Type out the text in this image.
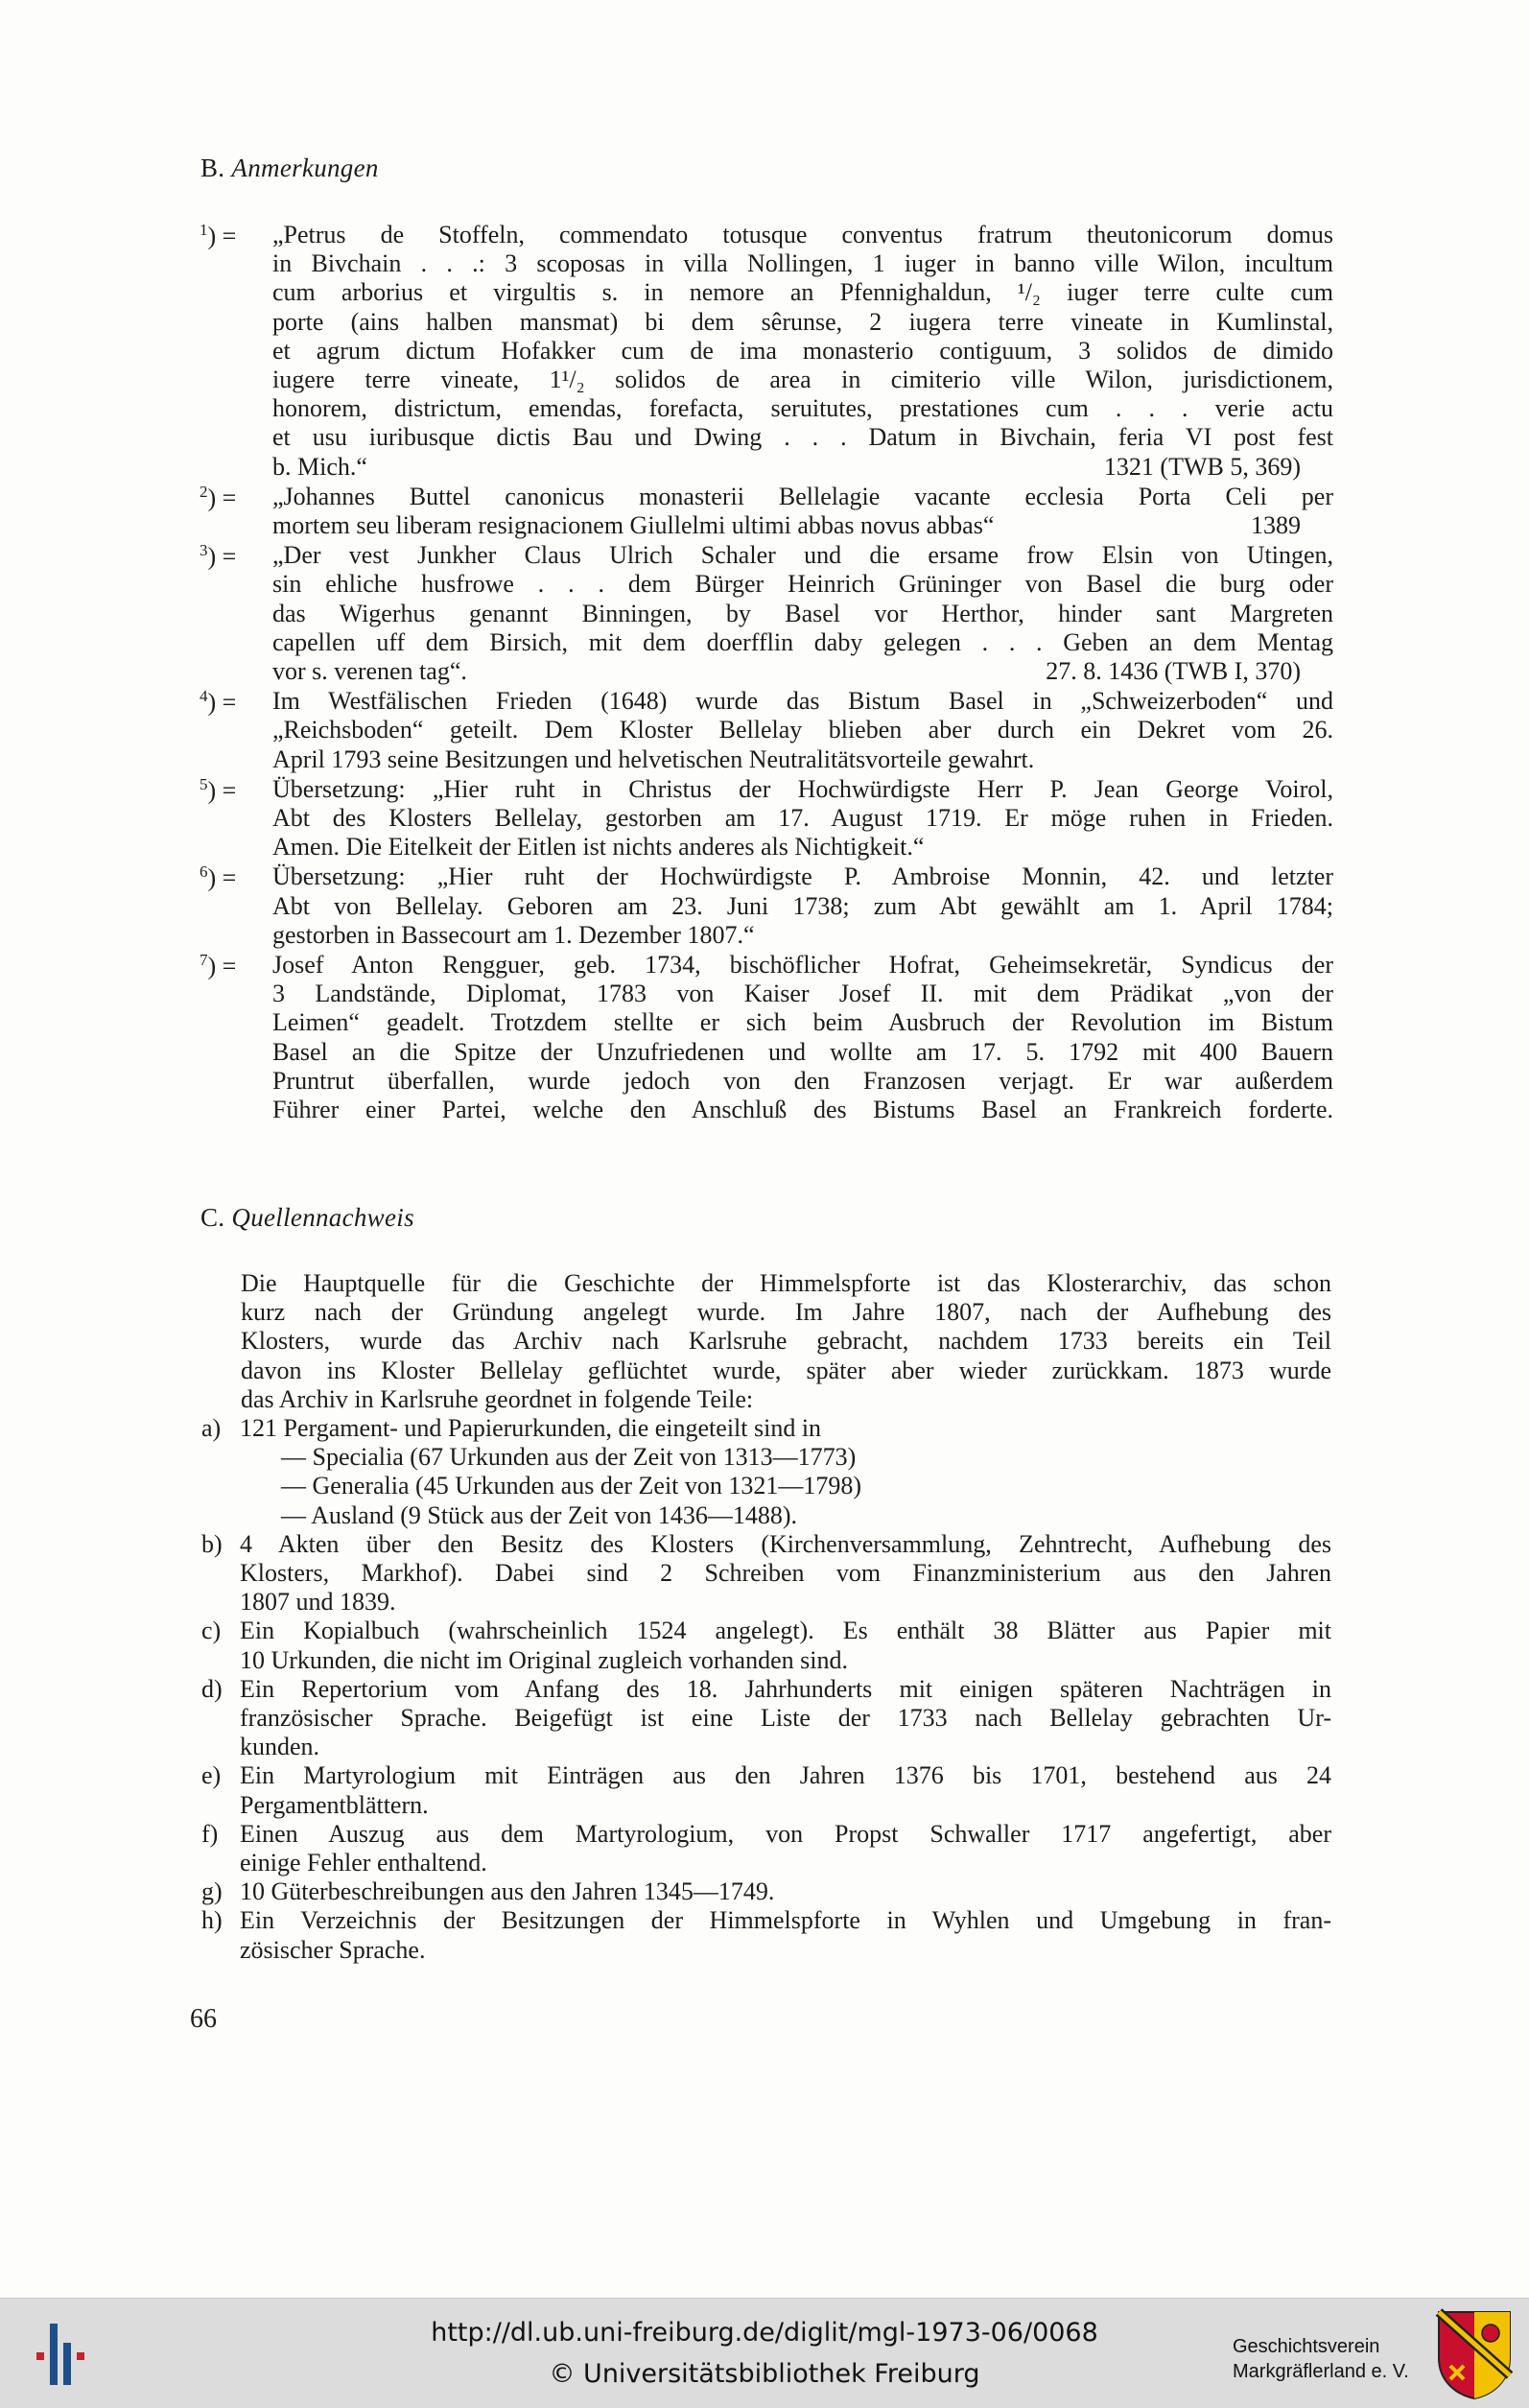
B. Anmerkungen
$^1$) = „Petrus de Stoffeln, commendato totusque conventus fratrum theutonicorum domus
in Bivchain . . .: 3 scoposas in villa Nollingen, 1 iuger in banno ville Wilon, incultum
cum arborius et virgultis s. in nemore an Pfennighaldun, ¹/₂ iuger terre culte cum
porte (ains halben mansmat) bi dem sêrunse, 2 iugera terre vineate in Kumlinstal,
et agrum dictum Hofakker cum de ima monasterio contiguum, 3 solidos de dimido
iugere terre vineate, 1¹/₂ solidos de area in cimiterio ville Wilon, jurisdictionem,
honorem, districtum, emendas, forefacta, seruitutes, prestationes cum . . . verie actu
et usu iuribusque dictis Bau und Dwing . . . Datum in Bivchain, feria VI post fest
b. Mich.“	1321 (TWB 5, 369)
$^2$) = „Johannes Buttel canonicus monasterii Bellelagie vacante ecclesia Porta Celi per
mortem seu liberam resignacionem Giullelmi ultimi abbas novus abbas“	1389
$^3$) = „Der vest Junkher Claus Ulrich Schaler und die ersame frow Elsin von Utingen,
sin ehliche husfrowe . . . dem Bürger Heinrich Grüninger von Basel die burg oder
das Wigerhus genannt Binningen, by Basel vor Herthor, hinder sant Margreten
capellen uff dem Birsich, mit dem doerfflin daby gelegen . . . Geben an dem Mentag
vor s. verenen tag“.	27. 8. 1436 (TWB I, 370)
$^4$) = Im Westfälischen Frieden (1648) wurde das Bistum Basel in „Schweizerboden“ und
„Reichsboden“ geteilt. Dem Kloster Bellelay blieben aber durch ein Dekret vom 26.
April 1793 seine Besitzungen und helvetischen Neutralitätsvorteile gewahrt.
$^5$) = Übersetzung: „Hier ruht in Christus der Hochwürdigste Herr P. Jean George Voirol,
Abt des Klosters Bellelay, gestorben am 17. August 1719. Er möge ruhen in Frieden.
Amen. Die Eitelkeit der Eitlen ist nichts anderes als Nichtigkeit.“
$^6$) = Übersetzung: „Hier ruht der Hochwürdigste P. Ambroise Monnin, 42. und letzter
Abt von Bellelay. Geboren am 23. Juni 1738; zum Abt gewählt am 1. April 1784;
gestorben in Bassecourt am 1. Dezember 1807.“
$^7$) = Josef Anton Rengguer, geb. 1734, bischöflicher Hofrat, Geheimsekretär, Syndicus der
3 Landstände, Diplomat, 1783 von Kaiser Josef II. mit dem Prädikat „von der
Leimen“ geadelt. Trotzdem stellte er sich beim Ausbruch der Revolution im Bistum
Basel an die Spitze der Unzufriedenen und wollte am 17. 5. 1792 mit 400 Bauern
Pruntrut überfallen, wurde jedoch von den Franzosen verjagt. Er war außerdem
Führer einer Partei, welche den Anschluß des Bistums Basel an Frankreich forderte.
C. Quellennachweis
Die Hauptquelle für die Geschichte der Himmelspforte ist das Klosterarchiv, das schon
kurz nach der Gründung angelegt wurde. Im Jahre 1807, nach der Aufhebung des
Klosters, wurde das Archiv nach Karlsruhe gebracht, nachdem 1733 bereits ein Teil
davon ins Kloster Bellelay geflüchtet wurde, später aber wieder zurückkam. 1873 wurde
das Archiv in Karlsruhe geordnet in folgende Teile:
a) 121 Pergament- und Papierurkunden, die eingeteilt sind in
— Specialia (67 Urkunden aus der Zeit von 1313—1773)
— Generalia (45 Urkunden aus der Zeit von 1321—1798)
— Ausland (9 Stück aus der Zeit von 1436—1488).
b) 4 Akten über den Besitz des Klosters (Kirchenversammlung, Zehntrecht, Aufhebung des
Klosters, Markhof). Dabei sind 2 Schreiben vom Finanzministerium aus den Jahren
1807 und 1839.
c) Ein Kopialbuch (wahrscheinlich 1524 angelegt). Es enthält 38 Blätter aus Papier mit
10 Urkunden, die nicht im Original zugleich vorhanden sind.
d) Ein Repertorium vom Anfang des 18. Jahrhunderts mit einigen späteren Nachträgen in
französischer Sprache. Beigefügt ist eine Liste der 1733 nach Bellelay gebrachten Ur-
kunden.
e) Ein Martyrologium mit Einträgen aus den Jahren 1376 bis 1701, bestehend aus 24
Pergamentblättern.
f) Einen Auszug aus dem Martyrologium, von Propst Schwaller 1717 angefertigt, aber
einige Fehler enthaltend.
g) 10 Güterbeschreibungen aus den Jahren 1345—1749.
h) Ein Verzeichnis der Besitzungen der Himmelspforte in Wyhlen und Umgebung in fran-
zösischer Sprache.
66
http://dl.ub.uni-freiburg.de/diglit/mgl-1973-06/0068
© Universitätsbibliothek Freiburg
Geschichtsverein
Markgräflerland e. V.
